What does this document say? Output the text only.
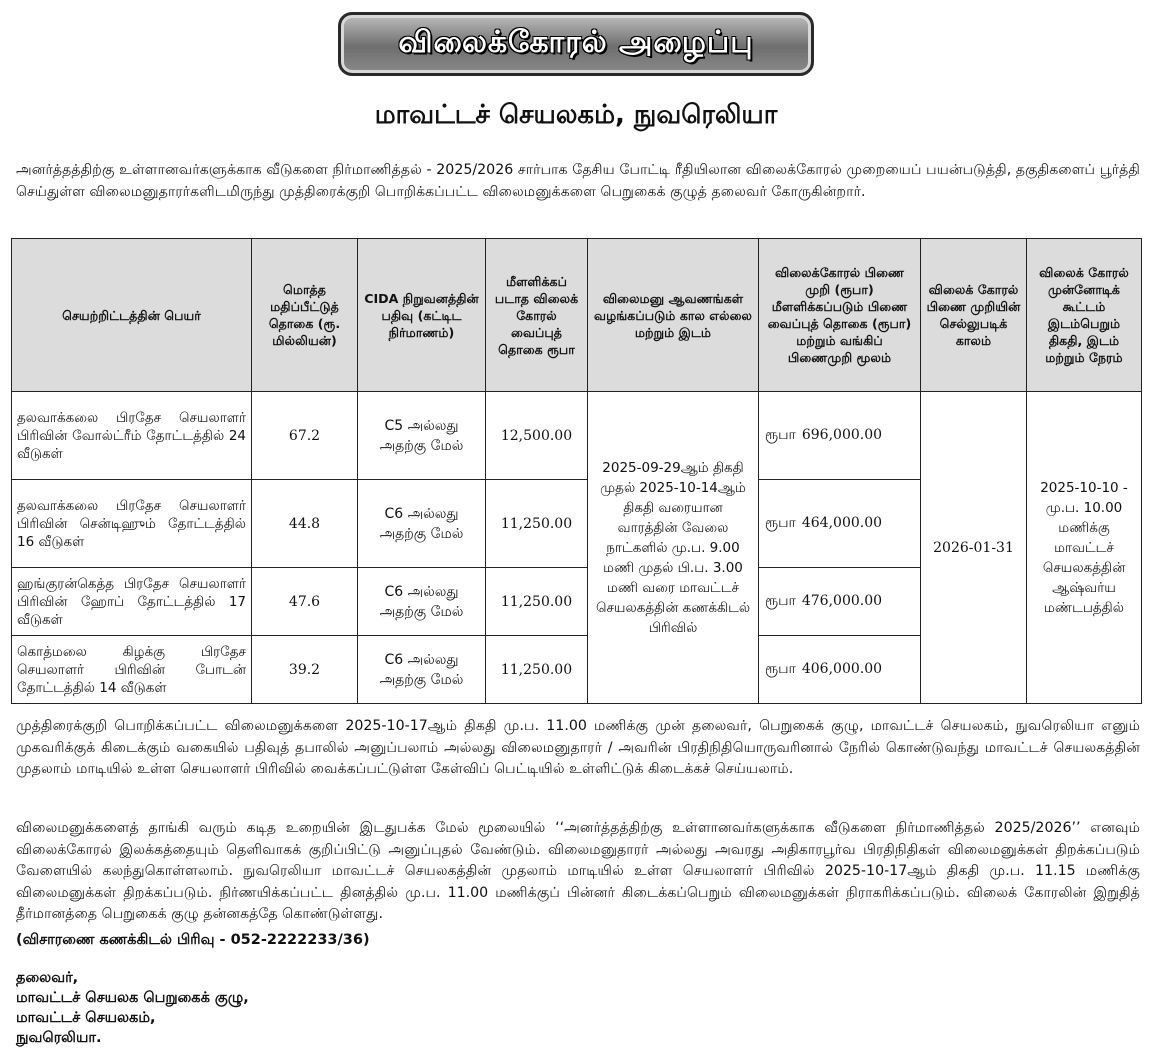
விலைக்கோரல் அழைப்பு
மாவட்டச் செயலகம், நுவரெலியா
அனர்த்தத்திற்கு உள்ளானவர்களுக்காக வீடுகளை நிர்மாணித்தல் - 2025/2026 சார்பாக தேசிய போட்டி ரீதியிலான விலைக்கோரல் முறையைப் பயன்படுத்தி, தகுதிகளைப் பூர்த்தி செய்துள்ள விலைமனுதாரர்களிடமிருந்து முத்திரைக்குறி பொறிக்கப்பட்ட விலைமனுக்களை பெறுகைக் குழுத் தலைவர் கோருகின்றார்.
செயற்றிட்டத்தின் பெயர்	மொத்த மதிப்பீட்டுத் தொகை (ரூ. மில்லியன்)	CIDA நிறுவனத்தின் பதிவு (கட்டிட நிர்மாணம்)	மீளளிக்கப் படாத விலைக் கோரல் வைப்புத் தொகை ரூபா	விலைமனு ஆவணங்கள் வழங்கப்படும் கால எல்லை மற்றும் இடம்	விலைக்கோரல் பிணை முறி (ரூபா) மீளளிக்கப்படும் பிணை வைப்புத் தொகை (ரூபா) மற்றும் வங்கிப் பிணைமுறி மூலம்	விலைக் கோரல் பிணை முறியின் செல்லுபடிக் காலம்	விலைக் கோரல் முன்னோடிக் கூட்டம் இடம்பெறும் திகதி, இடம் மற்றும் நேரம்
தலவாக்கலை பிரதேச செயலாளர் பிரிவின் வோல்ட்ரீம் தோட்டத்தில் 24 வீடுகள்	67.2	C5 அல்லது அதற்கு மேல்	12,500.00	2025-09-29ஆம் திகதி முதல் 2025-10-14ஆம் திகதி வரையான வாரத்தின் வேலை நாட்களில் மு.ப. 9.00 மணி முதல் பி.ப. 3.00 மணி வரை மாவட்டச் செயலகத்தின் கணக்கிடல் பிரிவில்	ரூபா 696,000.00	2026-01-31	2025-10-10 - மு.ப. 10.00 மணிக்கு மாவட்டச் செயலகத்தின் ஆஷ்வர்ய மண்டபத்தில்
தலவாக்கலை பிரதேச செயலாளர் பிரிவின் சென்டிஹும் தோட்டத்தில் 16 வீடுகள்	44.8	C6 அல்லது அதற்கு மேல்	11,250.00		ரூபா 464,000.00		
ஹங்குரன்கெத்த பிரதேச செயலாளர் பிரிவின் ஹோப் தோட்டத்தில் 17 வீடுகள்	47.6	C6 அல்லது அதற்கு மேல்	11,250.00		ரூபா 476,000.00		
கொத்மலை கிழக்கு பிரதேச செயலாளர் பிரிவின் போடன் தோட்டத்தில் 14 வீடுகள்	39.2	C6 அல்லது அதற்கு மேல்	11,250.00		ரூபா 406,000.00		
முத்திரைக்குறி பொறிக்கப்பட்ட விலைமனுக்களை 2025-10-17ஆம் திகதி மு.ப. 11.00 மணிக்கு முன் தலைவர், பெறுகைக் குழு, மாவட்டச் செயலகம், நுவரெலியா எனும் முகவரிக்குக் கிடைக்கும் வகையில் பதிவுத் தபாலில் அனுப்பலாம் அல்லது விலைமனுதாரர் / அவரின் பிரதிநிதியொருவரினால் நேரில் கொண்டுவந்து மாவட்டச் செயலகத்தின் முதலாம் மாடியில் உள்ள செயலாளர் பிரிவில் வைக்கப்பட்டுள்ள கேள்விப் பெட்டியில் உள்ளிட்டுக் கிடைக்கச் செய்யலாம்.
விலைமனுக்களைத் தாங்கி வரும் கடித உறையின் இடதுபக்க மேல் மூலையில் ‘‘அனர்த்தத்திற்கு உள்ளானவர்களுக்காக வீடுகளை நிர்மாணித்தல் 2025/2026’’ எனவும் விலைக்கோரல் இலக்கத்தையும் தெளிவாகக் குறிப்பிட்டு அனுப்புதல் வேண்டும். விலைமனுதாரர் அல்லது அவரது அதிகாரபூர்வ பிரதிநிதிகள் விலைமனுக்கள் திறக்கப்படும் வேளையில் கலந்துகொள்ளலாம். நுவரெலியா மாவட்டச் செயலகத்தின் முதலாம் மாடியில் உள்ள செயலாளர் பிரிவில் 2025-10-17ஆம் திகதி மு.ப. 11.15 மணிக்கு விலைமனுக்கள் திறக்கப்படும். நிர்ணயிக்கப்பட்ட தினத்தில் மு.ப. 11.00 மணிக்குப் பின்னர் கிடைக்கப்பெறும் விலைமனுக்கள் நிராகரிக்கப்படும். விலைக் கோரலின் இறுதித் தீர்மானத்தை பெறுகைக் குழு தன்னகத்தே கொண்டுள்ளது.
(விசாரணை கணக்கிடல் பிரிவு - 052-2222233/36)
தலைவர்,
மாவட்டச் செயலக பெறுகைக் குழு,
மாவட்டச் செயலகம்,
நுவரெலியா.
